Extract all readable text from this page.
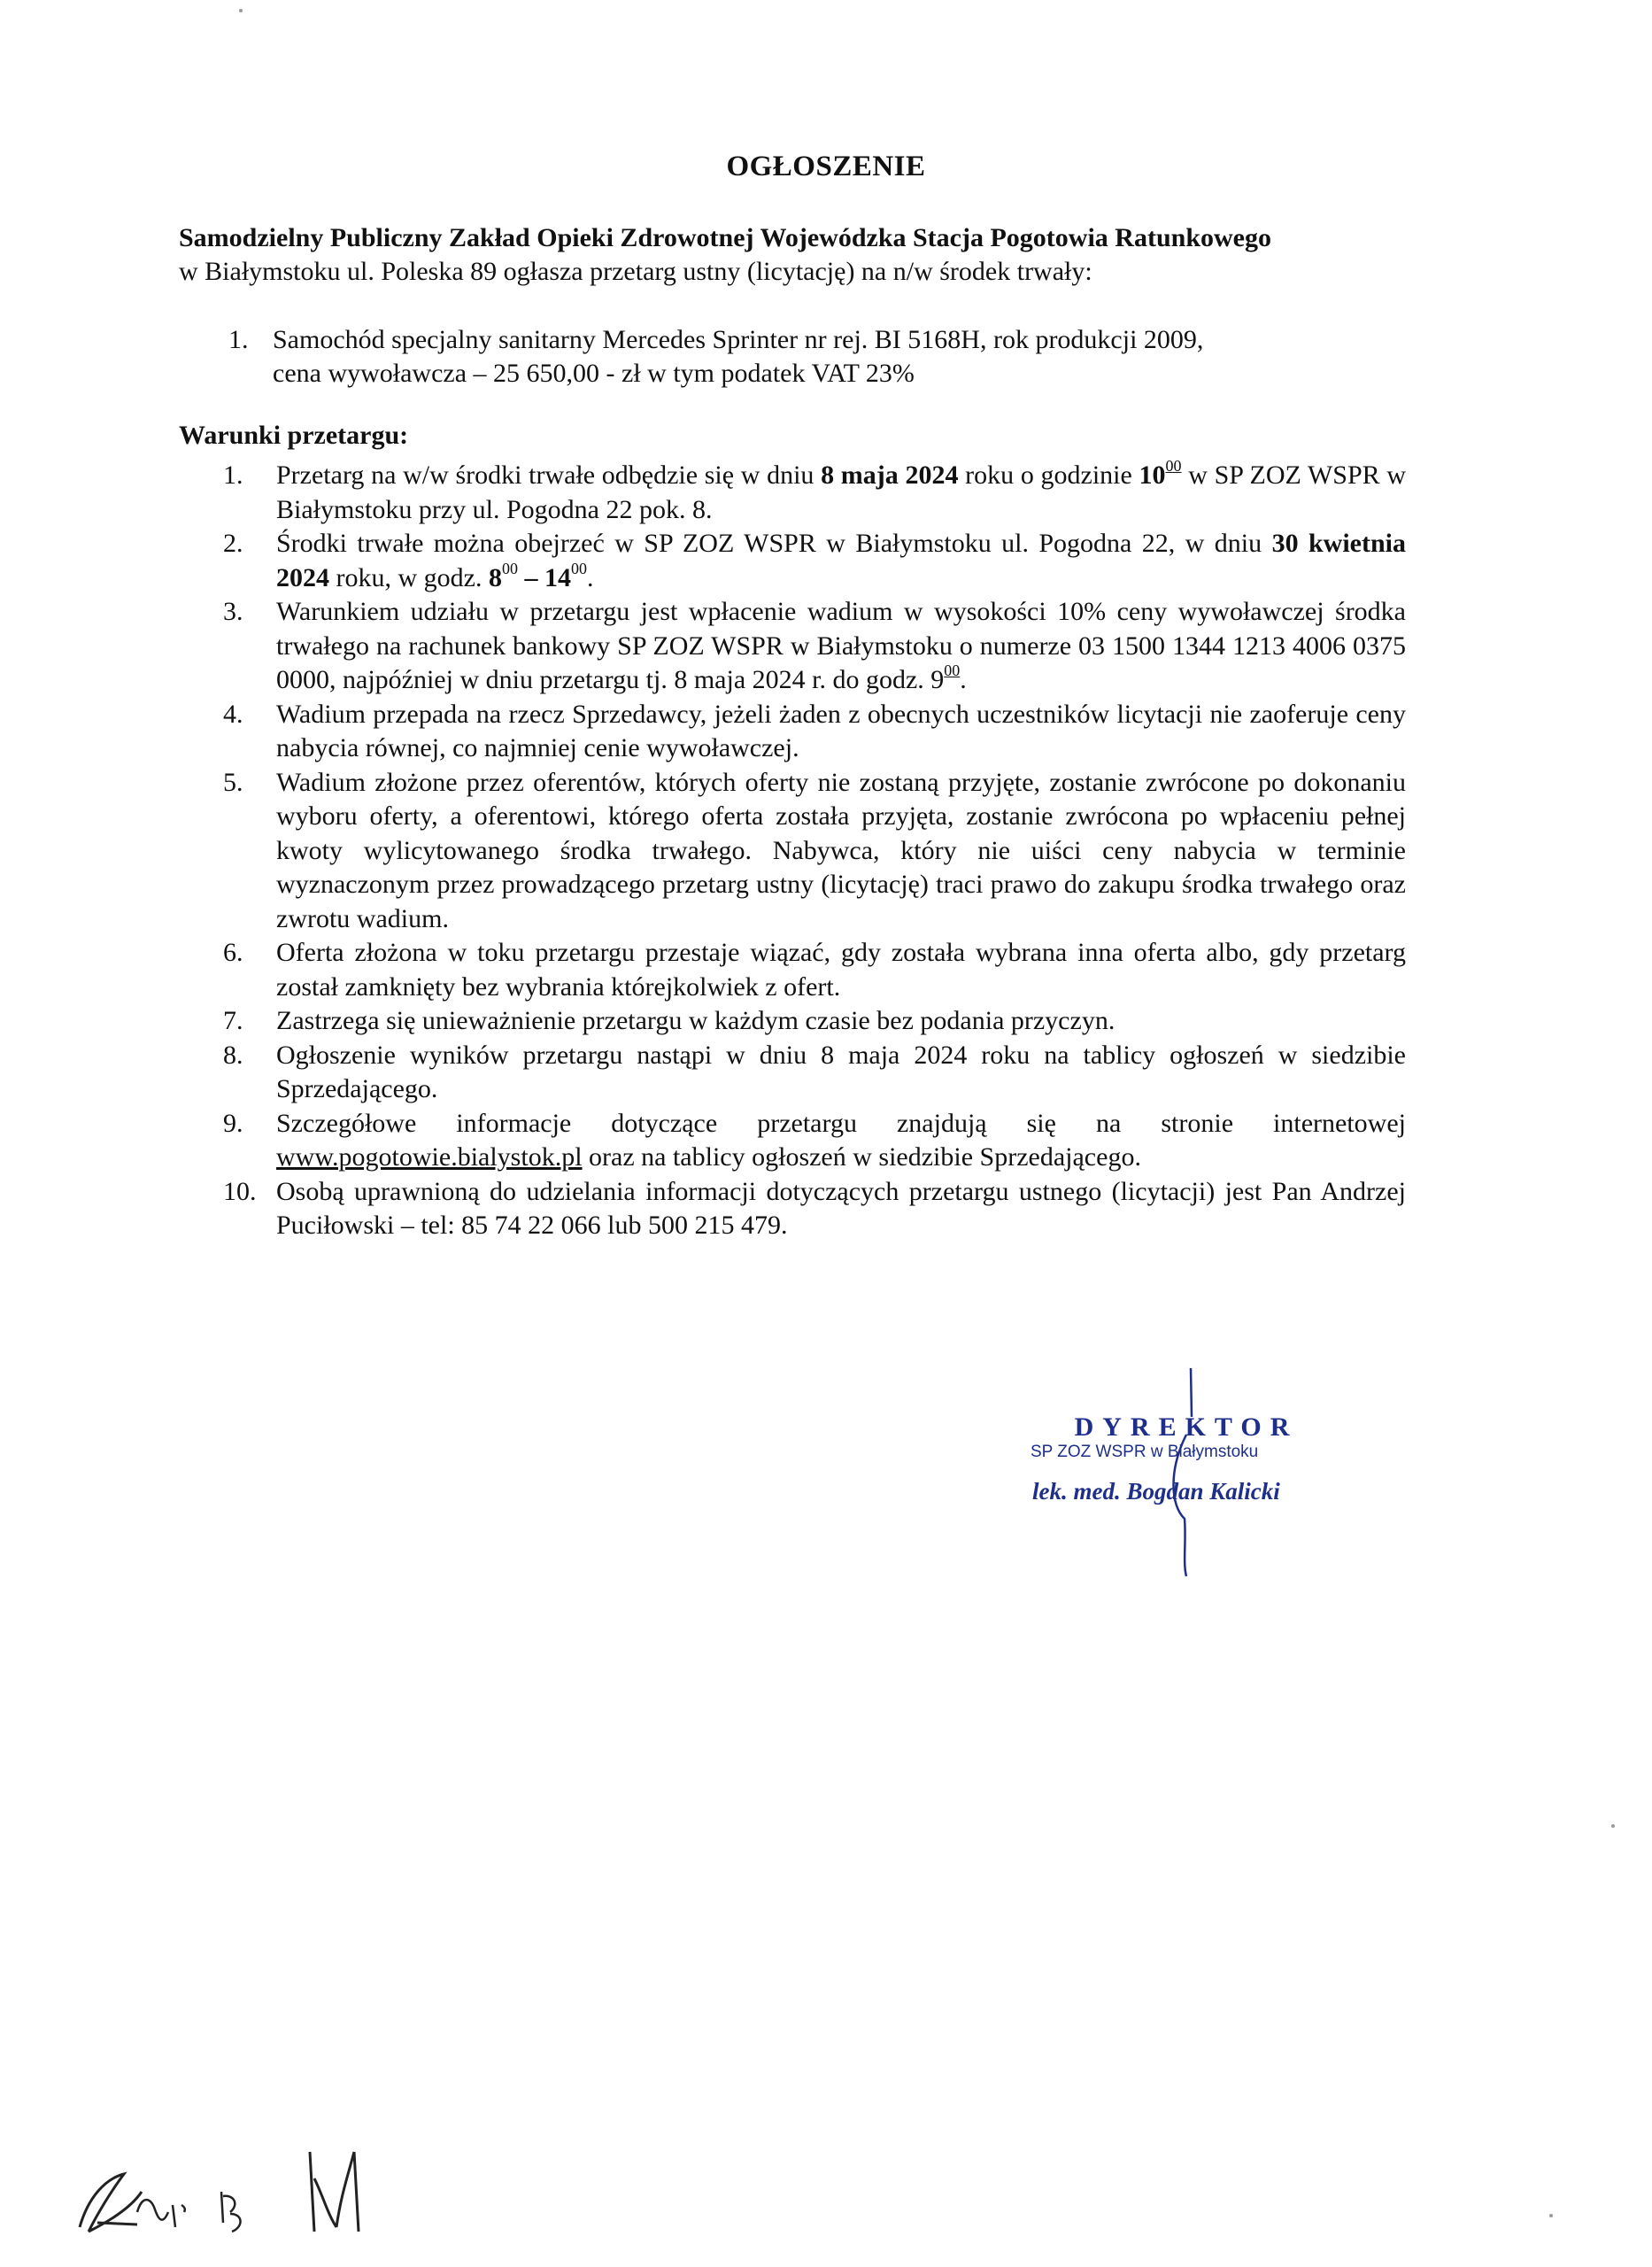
OGŁOSZENIE
Samodzielny Publiczny Zakład Opieki Zdrowotnej Wojewódzka Stacja Pogotowia Ratunkowego
w Białymstoku ul. Poleska 89 ogłasza przetarg ustny (licytację) na n/w środek trwały:
1. Samochód specjalny sanitarny Mercedes Sprinter nr rej. BI 5168H, rok produkcji 2009,
cena wywoławcza – 25 650,00 - zł w tym podatek VAT 23%
Warunki przetargu:
1.	Przetarg na w/w środki trwałe odbędzie się w dniu 8 maja 2024 roku o godzinie $10^{00}$ w SP ZOZ WSPR w Białymstoku przy ul. Pogodna 22 pok. 8.
2.	Środki trwałe można obejrzeć w SP ZOZ WSPR w Białymstoku ul. Pogodna 22, w dniu 30 kwietnia 2024 roku, w godz. $8^{00} - 14^{00}$.
3.	Warunkiem udziału w przetargu jest wpłacenie wadium w wysokości 10% ceny wywoławczej środka trwałego na rachunek bankowy SP ZOZ WSPR w Białymstoku o numerze 03 1500 1344 1213 4006 0375 0000, najpóźniej w dniu przetargu tj. 8 maja 2024 r. do godz. $9^{00}$.
4.	Wadium przepada na rzecz Sprzedawcy, jeżeli żaden z obecnych uczestników licytacji nie zaoferuje ceny nabycia równej, co najmniej cenie wywoławczej.
5.	Wadium złożone przez oferentów, których oferty nie zostaną przyjęte, zostanie zwrócone po dokonaniu wyboru oferty, a oferentowi, którego oferta została przyjęta, zostanie zwrócona po wpłaceniu pełnej kwoty wylicytowanego środka trwałego. Nabywca, który nie uiści ceny nabycia w terminie wyznaczonym przez prowadzącego przetarg ustny (licytację) traci prawo do zakupu środka trwałego oraz zwrotu wadium.
6.	Oferta złożona w toku przetargu przestaje wiązać, gdy została wybrana inna oferta albo, gdy przetarg został zamknięty bez wybrania którejkolwiek z ofert.
7.	Zastrzega się unieważnienie przetargu w każdym czasie bez podania przyczyn.
8.	Ogłoszenie wyników przetargu nastąpi w dniu 8 maja 2024 roku na tablicy ogłoszeń w siedzibie Sprzedającego.
9.	Szczegółowe informacje dotyczące przetargu znajdują się na stronie internetowej www.pogotowie.bialystok.pl oraz na tablicy ogłoszeń w siedzibie Sprzedającego.
10. Osobą uprawnioną do udzielania informacji dotyczących przetargu ustnego (licytacji) jest Pan Andrzej Puciłowski – tel: 85 74 22 066 lub 500 215 479.
DYREKTOR
SP ZOZ WSPR w Białymstoku
lek. med. Bogdan Kalicki
